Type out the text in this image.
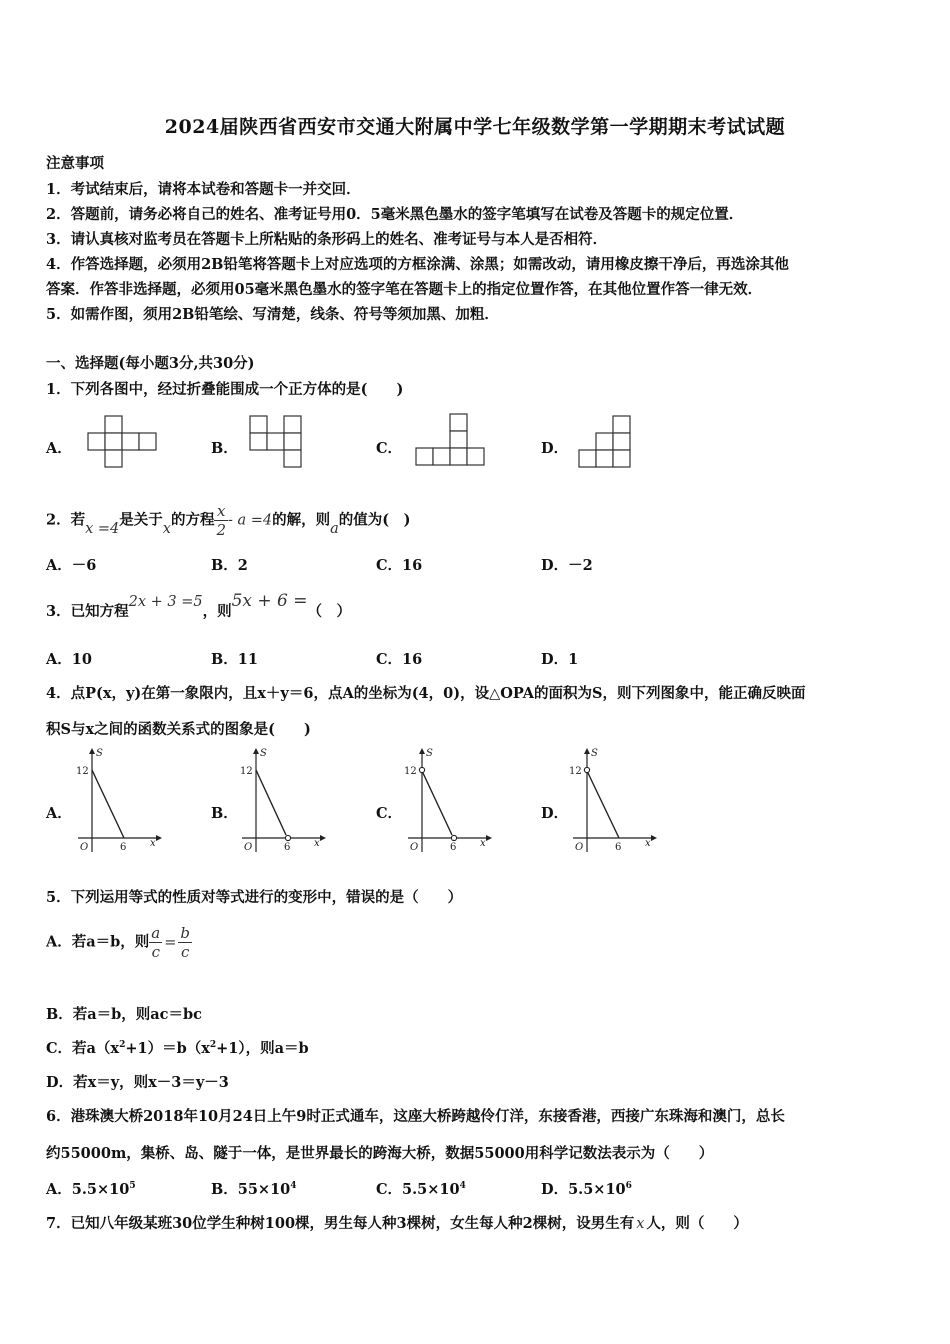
2024届陕西省西安市交通大附属中学七年级数学第一学期期末考试试题
注意事项
1．考试结束后，请将本试卷和答题卡一并交回．
2．答题前，请务必将自己的姓名、准考证号用0．5毫米黑色墨水的签字笔填写在试卷及答题卡的规定位置．
3．请认真核对监考员在答题卡上所粘贴的条形码上的姓名、准考证号与本人是否相符．
4．作答选择题，必须用2B铅笔将答题卡上对应选项的方框涂满、涂黑；如需改动，请用橡皮擦干净后，再选涂其他
答案．作答非选择题，必须用05毫米黑色墨水的签字笔在答题卡上的指定位置作答，在其他位置作答一律无效．
5．如需作图，须用2B铅笔绘、写清楚，线条、符号等须加黑、加粗．
一、选择题(每小题3分,共30分)
1．下列各图中，经过折叠能围成一个正方体的是(　　)
A．	B．	C．	D．
2．若x =4是关于x的方程 $\frac{x}{2} - a =4$的解，则a的值为(　)
A．－6	B．2	C．16	D．－2
3．已知方程2x + 3 =5，则5x + 6 =（　）
A．10	B．11	C．16	D．1
4．点P(x，y)在第一象限内，且x＋y＝6，点A的坐标为(4，0)，设△OPA的面积为S，则下列图象中，能正确反映面
积S与x之间的函数关系式的图象是(　　)
A．	B．	C．	D．
S
12
O	6 x
S
12
O	6 x
S
12
O	6 x
S
12
O	6 x
5．下列运用等式的性质对等式进行的变形中，错误的是（　　）
A．若a＝b，则 $\frac{a}{c} = \frac{b}{c}$
B．若a＝b，则ac＝bc
C．若$a(x^2+1)=b(x^2+1)$，则a＝b
D．若x＝y，则x－3＝y－3
6．港珠澳大桥2018年10月24日上午9时正式通车，这座大桥跨越伶仃洋，东接香港，西接广东珠海和澳门，总长
约55000m，集桥、岛、隧于一体，是世界最长的跨海大桥，数据55000用科学记数法表示为（　　）
A．$5.5\times 10^5$	B．$55\times 10^4$	C．$5.5\times 10^4$	D．$5.5\times 10^6$
7．已知八年级某班30位学生种树100棵，男生每人种3棵树，女生每人种2棵树，设男生有 x 人，则（　　）
